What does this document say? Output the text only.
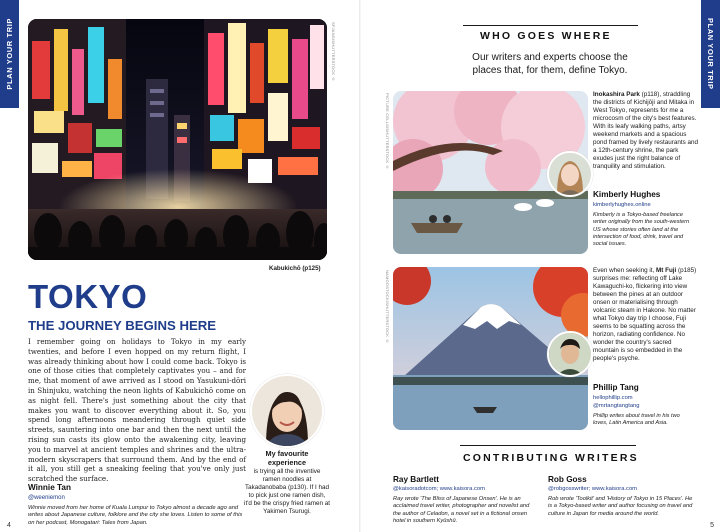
PLAN YOUR TRIP	SFJANG/SHUTTERSTOCK ©
Kabukichō (p125)
TOKYO
THE JOURNEY BEGINS HERE

I remember going on holidays to Tokyo in my early twenties, and before I even hopped on my return flight, I was already thinking about how I could come back. Tokyo is one of those cities that completely captivates you – and for me, that moment of awe arrived as I stood on Yasukuni-dōri in Shinjuku, watching the neon lights of Kabukichō come on as night fell. There's just something about the city that makes you want to discover everything about it. So, you spend long afternoons meandering through quiet side streets, sauntering into one bar and then the next until the rising sun casts its glow onto the awakening city, leaving you to marvel at ancient temples and shrines and the ultra-modern skyscrapers that surround them. And by the end of it all, you still get a sneaking feeling that you've only just scratched the surface.

Winnie Tan
@weeniemon

Winnie moved from her home of Kuala Lumpur to Tokyo almost a decade ago and writes about Japanese culture, folklore and the city she loves. Listen to some of this on her podcast, Monogatari: Tales from Japan.

My favourite experience

is trying all the inventive ramen noodles at Takadanobaba (p130). If I had to pick just one ramen dish, it'd be the crispy fried ramen at Yakimen Tsurugi.

4
PLAN YOUR TRIP
WHO GOES WHERE

Our writers and experts choose the places that, for them, define Tokyo.

PICTURE CELLS/SHUTTERSTOCK ©	Inokashira Park (p118), straddling the districts of Kichijōji and Mitaka in West Tokyo, represents for me a microcosm of the city's best features. With its leafy walking paths, artsy weekend markets and a spacious pond framed by lively restaurants and a 12th-century shrine, the park exudes just the right balance of tranquility and stimulation.

Kimberly Hughes
kimberlyhughes.online

Kimberly is a Tokyo-based freelance writer originally from the south-western US whose stories often land at the intersection of food, drink, travel and social issues.

NAMOOSTOCK/SHUTTERSTOCK ©	Even when seeking it, Mt Fuji (p185) surprises me: reflecting off Lake Kawaguchi-ko, flickering into view between the pines at an outdoor onsen or materialising through volcanic steam in Hakone. No matter what Tokyo day trip I choose, Fuji seems to be squatting across the horizon, radiating confidence. No wonder the country's sacred mountain is so embedded in the people's psyche.

Phillip Tang
hellophillip.com
@mrtangtangtang

Phillip writes about travel in his two loves, Latin America and Asia.

CONTRIBUTING WRITERS
Ray Bartlett
@kaisoradotcom; www.kaisora.com

Ray wrote 'The Bliss of Japanese Onsen'. He is an acclaimed travel writer, photographer and novelist and the author of Celadon, a novel set in a fictional onsen hotel in southern Kyūshū.

Rob Goss
@robgosswriter; www.kaisora.com

Rob wrote 'Toolkit' and 'History of Tokyo in 15 Places'. He is a Tokyo-based writer and author focusing on travel and culture in Japan for media around the world.

5
